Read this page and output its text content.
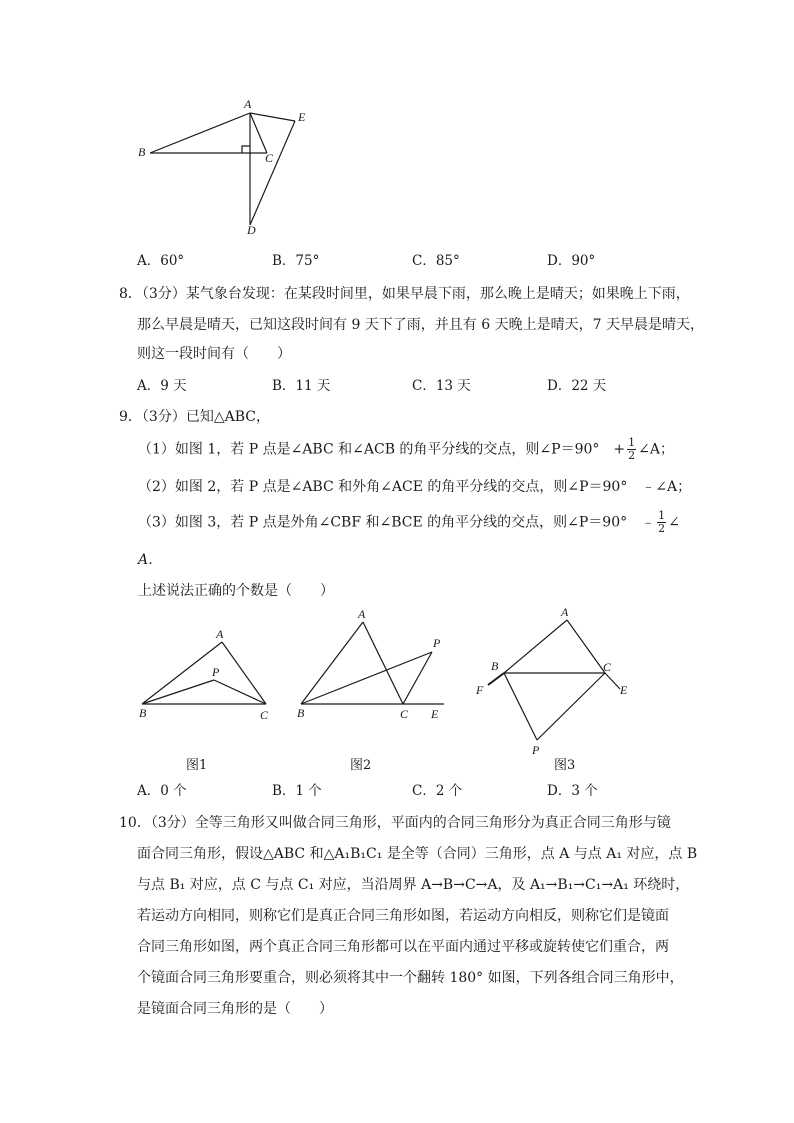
A
B	C
D
E
A．60°	B．75°	C．85°	D．90°
8．（3分）某气象台发现：在某段时间里，如果早晨下雨，那么晚上是晴天；如果晚上下雨，
那么早晨是晴天，已知这段时间有 9 天下了雨，并且有 6 天晚上是晴天，7 天早晨是晴天，
则这一段时间有（　　）
A．9 天	B．11 天	C．13 天	D．22 天
9．（3分）已知△ABC，
（1）如图 1，若 P 点是∠ABC 和∠ACB 的角平分线的交点，则∠P＝90°　+ $\frac{1}{2}$ ∠A；
（2）如图 2，若 P 点是∠ABC 和外角∠ACE 的角平分线的交点，则∠P＝90°　﹣∠A；
（3）如图 3，若 P 点是外角∠CBF 和∠BCE 的角平分线的交点，则∠P＝90°　﹣ $\frac{1}{2}$ ∠
A．
上述说法正确的个数是（　　）
A
P
B	C
A
P
B	C E
A
B	C
F	E
P
图1	图2	图3
A．0 个	B．1 个	C．2 个	D．3 个
10．（3分）全等三角形又叫做合同三角形，平面内的合同三角形分为真正合同三角形与镜
面合同三角形，假设△ABC 和△A₁B₁C₁ 是全等（合同）三角形，点 A 与点 A₁ 对应，点 B
与点 B₁ 对应，点 C 与点 C₁ 对应，当沿周界 A→B→C→A，及 A₁→B₁→C₁→A₁ 环绕时，
若运动方向相同，则称它们是真正合同三角形如图，若运动方向相反，则称它们是镜面
合同三角形如图，两个真正合同三角形都可以在平面内通过平移或旋转使它们重合，两
个镜面合同三角形要重合，则必须将其中一个翻转 180° 如图，下列各组合同三角形中，
是镜面合同三角形的是（　　）
